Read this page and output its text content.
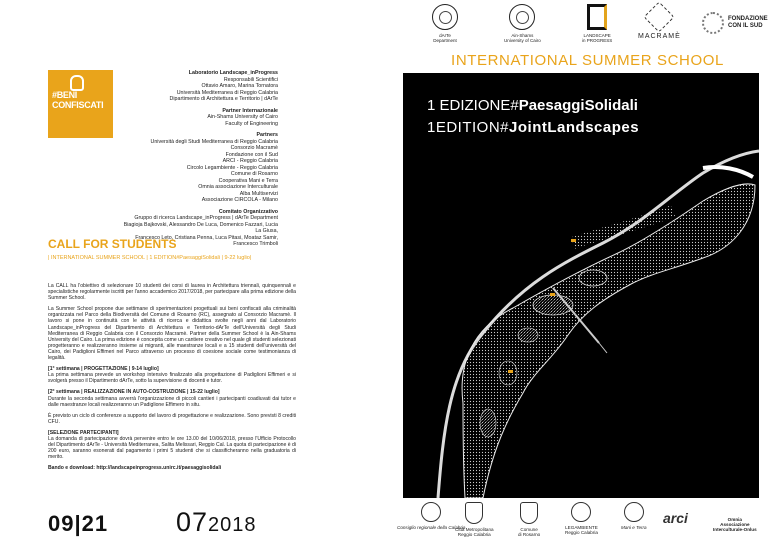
dArTe
Department
Ain-Shams
University of Cairo
LANDSCAPE
in PROGRESS
MACRAMÈ
FONDAZIONE
CON IL SUD
#BENI
CONFISCATI
Laboratorio Landscape_inProgress
Responsabili Scientifici
Ottavio Amaro, Marina Tornatora
Università Mediterranea di Reggio Calabria
Dipartimento di Architettura e Territorio | dArTe
Partner Internazionale
Ain-Shams University of Cairo
Faculty of Engineering
Partners
Università degli Studi Mediterranea di Reggio Calabria
Consorzio Macramè
Fondazione con il Sud
ARCI - Reggio Calabria
Circolo Legambiente - Reggio Calabria
Comune di Rosarno
Cooperativa Mani e Terra
Omnia associazione Interculturale
Alba Multiservizi
Associazione CIRCOLA - Milano
Comitato Organizzativo
Gruppo di ricerca Landscape_inProgress | dArTe Department
Biagioja Bajkovski, Alessandro De Luca, Domenico Fazzari, Lucia La Giusa,
Francesco Leto, Cristiana Penna, Luca Pitasi, Moataz Samir, Francesco Trimboli
CALL FOR STUDENTS
| INTERNATIONAL SUMMER SCHOOL | 1 EDITION#PaesaggiSolidali | 9-22 luglio|

La CALL ha l'obiettivo di selezionare 10 studenti dei corsi di laurea in Architettura triennali, quinquennali e specialistiche regolarmente iscritti per l'anno accademico 2017/2018, per partecipare alla prima edizione della Summer School.

La Summer School propone due settimane di sperimentazioni progettuali sui beni confiscati alla criminalità organizzata nel Parco della Biodiversità del Comune di Rosarno (RC), assegnato al Consorzio Macramè. Il lavoro si pone in continuità con le attività di ricerca e didattica svolte negli anni dal Laboratorio Landscape_inProgress del Dipartimento di Architettura e Territorio-dArTe dell'Università degli Studi Mediterranea di Reggio Calabria con il Consorzio Macramè. Partner della Summer School è la Ain-Shams University del Cairo. La prima edizione è concepita come un cantiere creativo nel quale gli studenti selezionati progetteranno e realizzeranno insieme ai migranti, alle maestranze locali e a 15 studenti dell'università del Cairo, dei Padiglioni Effimeri nel Parco attraverso un processo di coesione sociale come testimonianza di legalità.

[1° settimana | PROGETTAZIONE | 9-14 luglio]

La prima settimana prevede un workshop intensivo finalizzato alla progettazione di Padiglioni Effimeri e si svolgerà presso il Dipartimento dArTe, sotto la supervisione di docenti e tutor.

[2° settimana | REALIZZAZIONE IN AUTO-COSTRUZIONE | 15-22 luglio]

Durante la seconda settimana avverrà l'organizzazione di piccoli cantieri i partecipanti coadiuvati dai tutor e dalle maestranze locali realizzeranno un Padiglione Effimero in situ.

È previsto un ciclo di conferenze a supporto del lavoro di progettazione e realizzazione. Sono previsti 8 crediti CFU.

[SELEZIONE PARTECIPANTI]

La domanda di partecipazione dovrà pervenire entro le ore 13.00 del 10/06/2018, presso l'Ufficio Protocollo del Dipartimento dArTe - Università Mediterranea, Salita Melissari, Reggio Cal. La quota di partecipazione è di 200 euro, saranno esonerati dal pagamento i primi 5 studenti che si classificheranno nella graduatoria di merito.

Bando e download: http://landscapeinprogress.unirc.it/paesaggisolidali

09|21	072018
INTERNATIONAL SUMMER SCHOOL
1 EDIZIONE#PaesaggiSolidali
1EDITION#JointLandscapes
Consiglio regionale della Calabria
Città Metropolitana
Reggio Calabria
Comune
di Rosarno
LEGAMBIENTE
Reggio Calabria
Mani e Terra
arci	Omnia
Associazione
Interculturale-Onlus
